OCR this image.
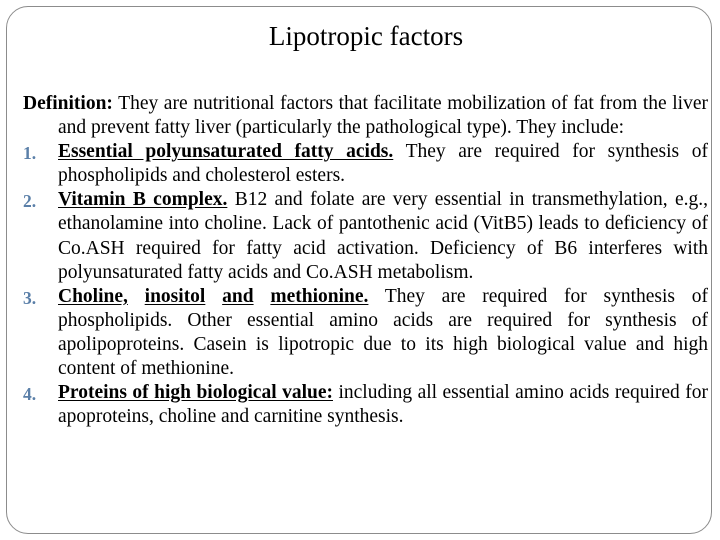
Lipotropic factors

Definition: They are nutritional factors that facilitate mobilization of fat from the liver and prevent fatty liver (particularly the pathological type). They include:

1. Essential polyunsaturated fatty acids. They are required for synthesis of phospholipids and cholesterol esters.

2. Vitamin B complex. B12 and folate are very essential in transmethylation, e.g., ethanolamine into choline. Lack of pantothenic acid (VitB5) leads to deficiency of Co.ASH required for fatty acid activation. Deficiency of B6 interferes with polyunsaturated fatty acids and Co.ASH metabolism.

3. Choline, inositol and methionine. They are required for synthesis of phospholipids. Other essential amino acids are required for synthesis of apolipoproteins. Casein is lipotropic due to its high biological value and high content of methionine.

4. Proteins of high biological value: including all essential amino acids required for apoproteins, choline and carnitine synthesis.
